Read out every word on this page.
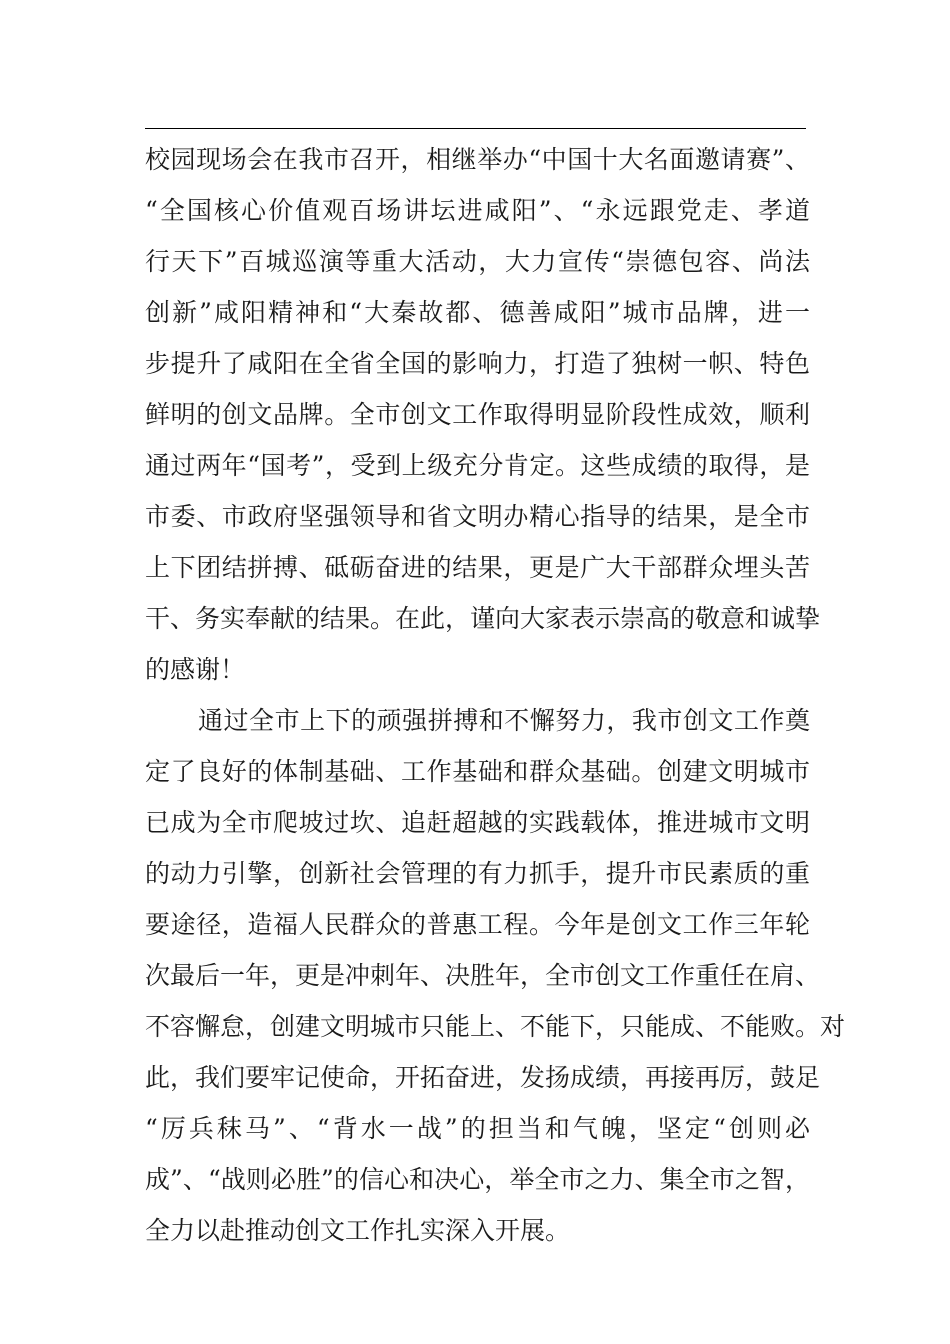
校园现场会在我市召开，相继举办“中国十大名面邀请赛”、
“全国核心价值观百场讲坛进咸阳”、“永远跟党走、孝道
行天下”百城巡演等重大活动，大力宣传“崇德包容、尚法
创新”咸阳精神和“大秦故都、德善咸阳”城市品牌，进一
步提升了咸阳在全省全国的影响力，打造了独树一帜、特色
鲜明的创文品牌。全市创文工作取得明显阶段性成效，顺利
通过两年“国考”，受到上级充分肯定。这些成绩的取得，是
市委、市政府坚强领导和省文明办精心指导的结果，是全市
上下团结拼搏、砥砺奋进的结果，更是广大干部群众埋头苦
干、务实奉献的结果。在此，谨向大家表示崇高的敬意和诚挚
的感谢！
通过全市上下的顽强拼搏和不懈努力，我市创文工作奠
定了良好的体制基础、工作基础和群众基础。创建文明城市
已成为全市爬坡过坎、追赶超越的实践载体，推进城市文明
的动力引擎，创新社会管理的有力抓手，提升市民素质的重
要途径，造福人民群众的普惠工程。今年是创文工作三年轮
次最后一年，更是冲刺年、决胜年，全市创文工作重任在肩、
不容懈怠，创建文明城市只能上、不能下，只能成、不能败。对
此，我们要牢记使命，开拓奋进，发扬成绩，再接再厉，鼓足
“厉兵秣马”、“背水一战”的担当和气魄，坚定“创则必
成”、“战则必胜”的信心和决心，举全市之力、集全市之智，
全力以赴推动创文工作扎实深入开展。
